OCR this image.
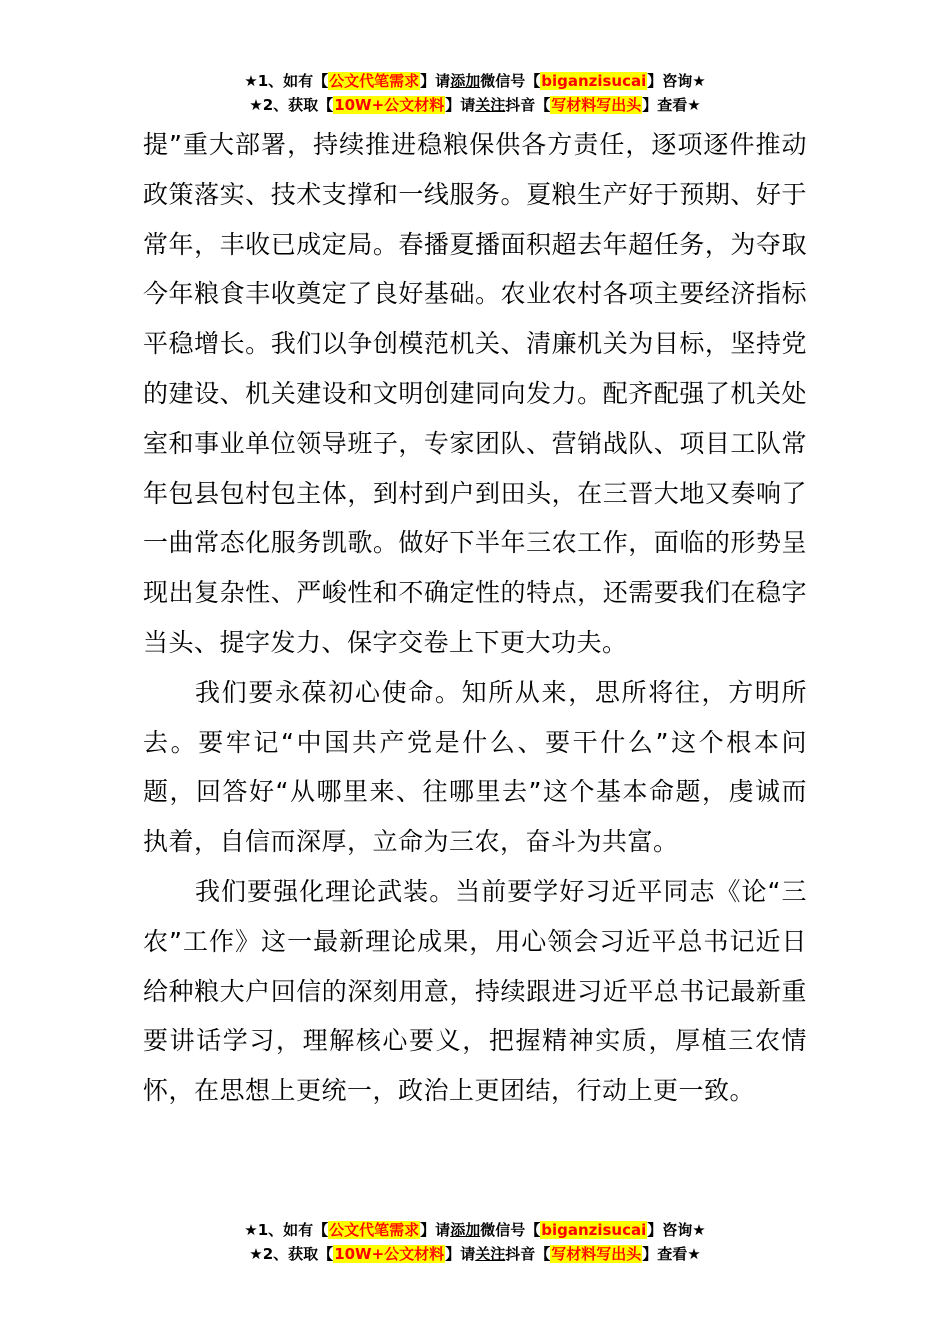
★1、如有【公文代笔需求】请添加微信号【biganzisucai】咨询★
★2、获取【10W+公文材料】请关注抖音【写材料写出头】查看★

提”重大部署，持续推进稳粮保供各方责任，逐项逐件推动政策落实、技术支撑和一线服务。夏粮生产好于预期、好于常年，丰收已成定局。春播夏播面积超去年超任务，为夺取今年粮食丰收奠定了良好基础。农业农村各项主要经济指标平稳增长。我们以争创模范机关、清廉机关为目标，坚持党的建设、机关建设和文明创建同向发力。配齐配强了机关处室和事业单位领导班子，专家团队、营销战队、项目工队常年包县包村包主体，到村到户到田头，在三晋大地又奏响了一曲常态化服务凯歌。做好下半年三农工作，面临的形势呈现出复杂性、严峻性和不确定性的特点，还需要我们在稳字当头、提字发力、保字交卷上下更大功夫。

我们要永葆初心使命。知所从来，思所将往，方明所去。要牢记“中国共产党是什么、要干什么”这个根本问题，回答好“从哪里来、往哪里去”这个基本命题，虔诚而执着，自信而深厚，立命为三农，奋斗为共富。

我们要强化理论武装。当前要学好习近平同志《论“三农”工作》这一最新理论成果，用心领会习近平总书记近日给种粮大户回信的深刻用意，持续跟进习近平总书记最新重要讲话学习，理解核心要义，把握精神实质，厚植三农情怀，在思想上更统一，政治上更团结，行动上更一致。

★1、如有【公文代笔需求】请添加微信号【biganzisucai】咨询★
★2、获取【10W+公文材料】请关注抖音【写材料写出头】查看★
